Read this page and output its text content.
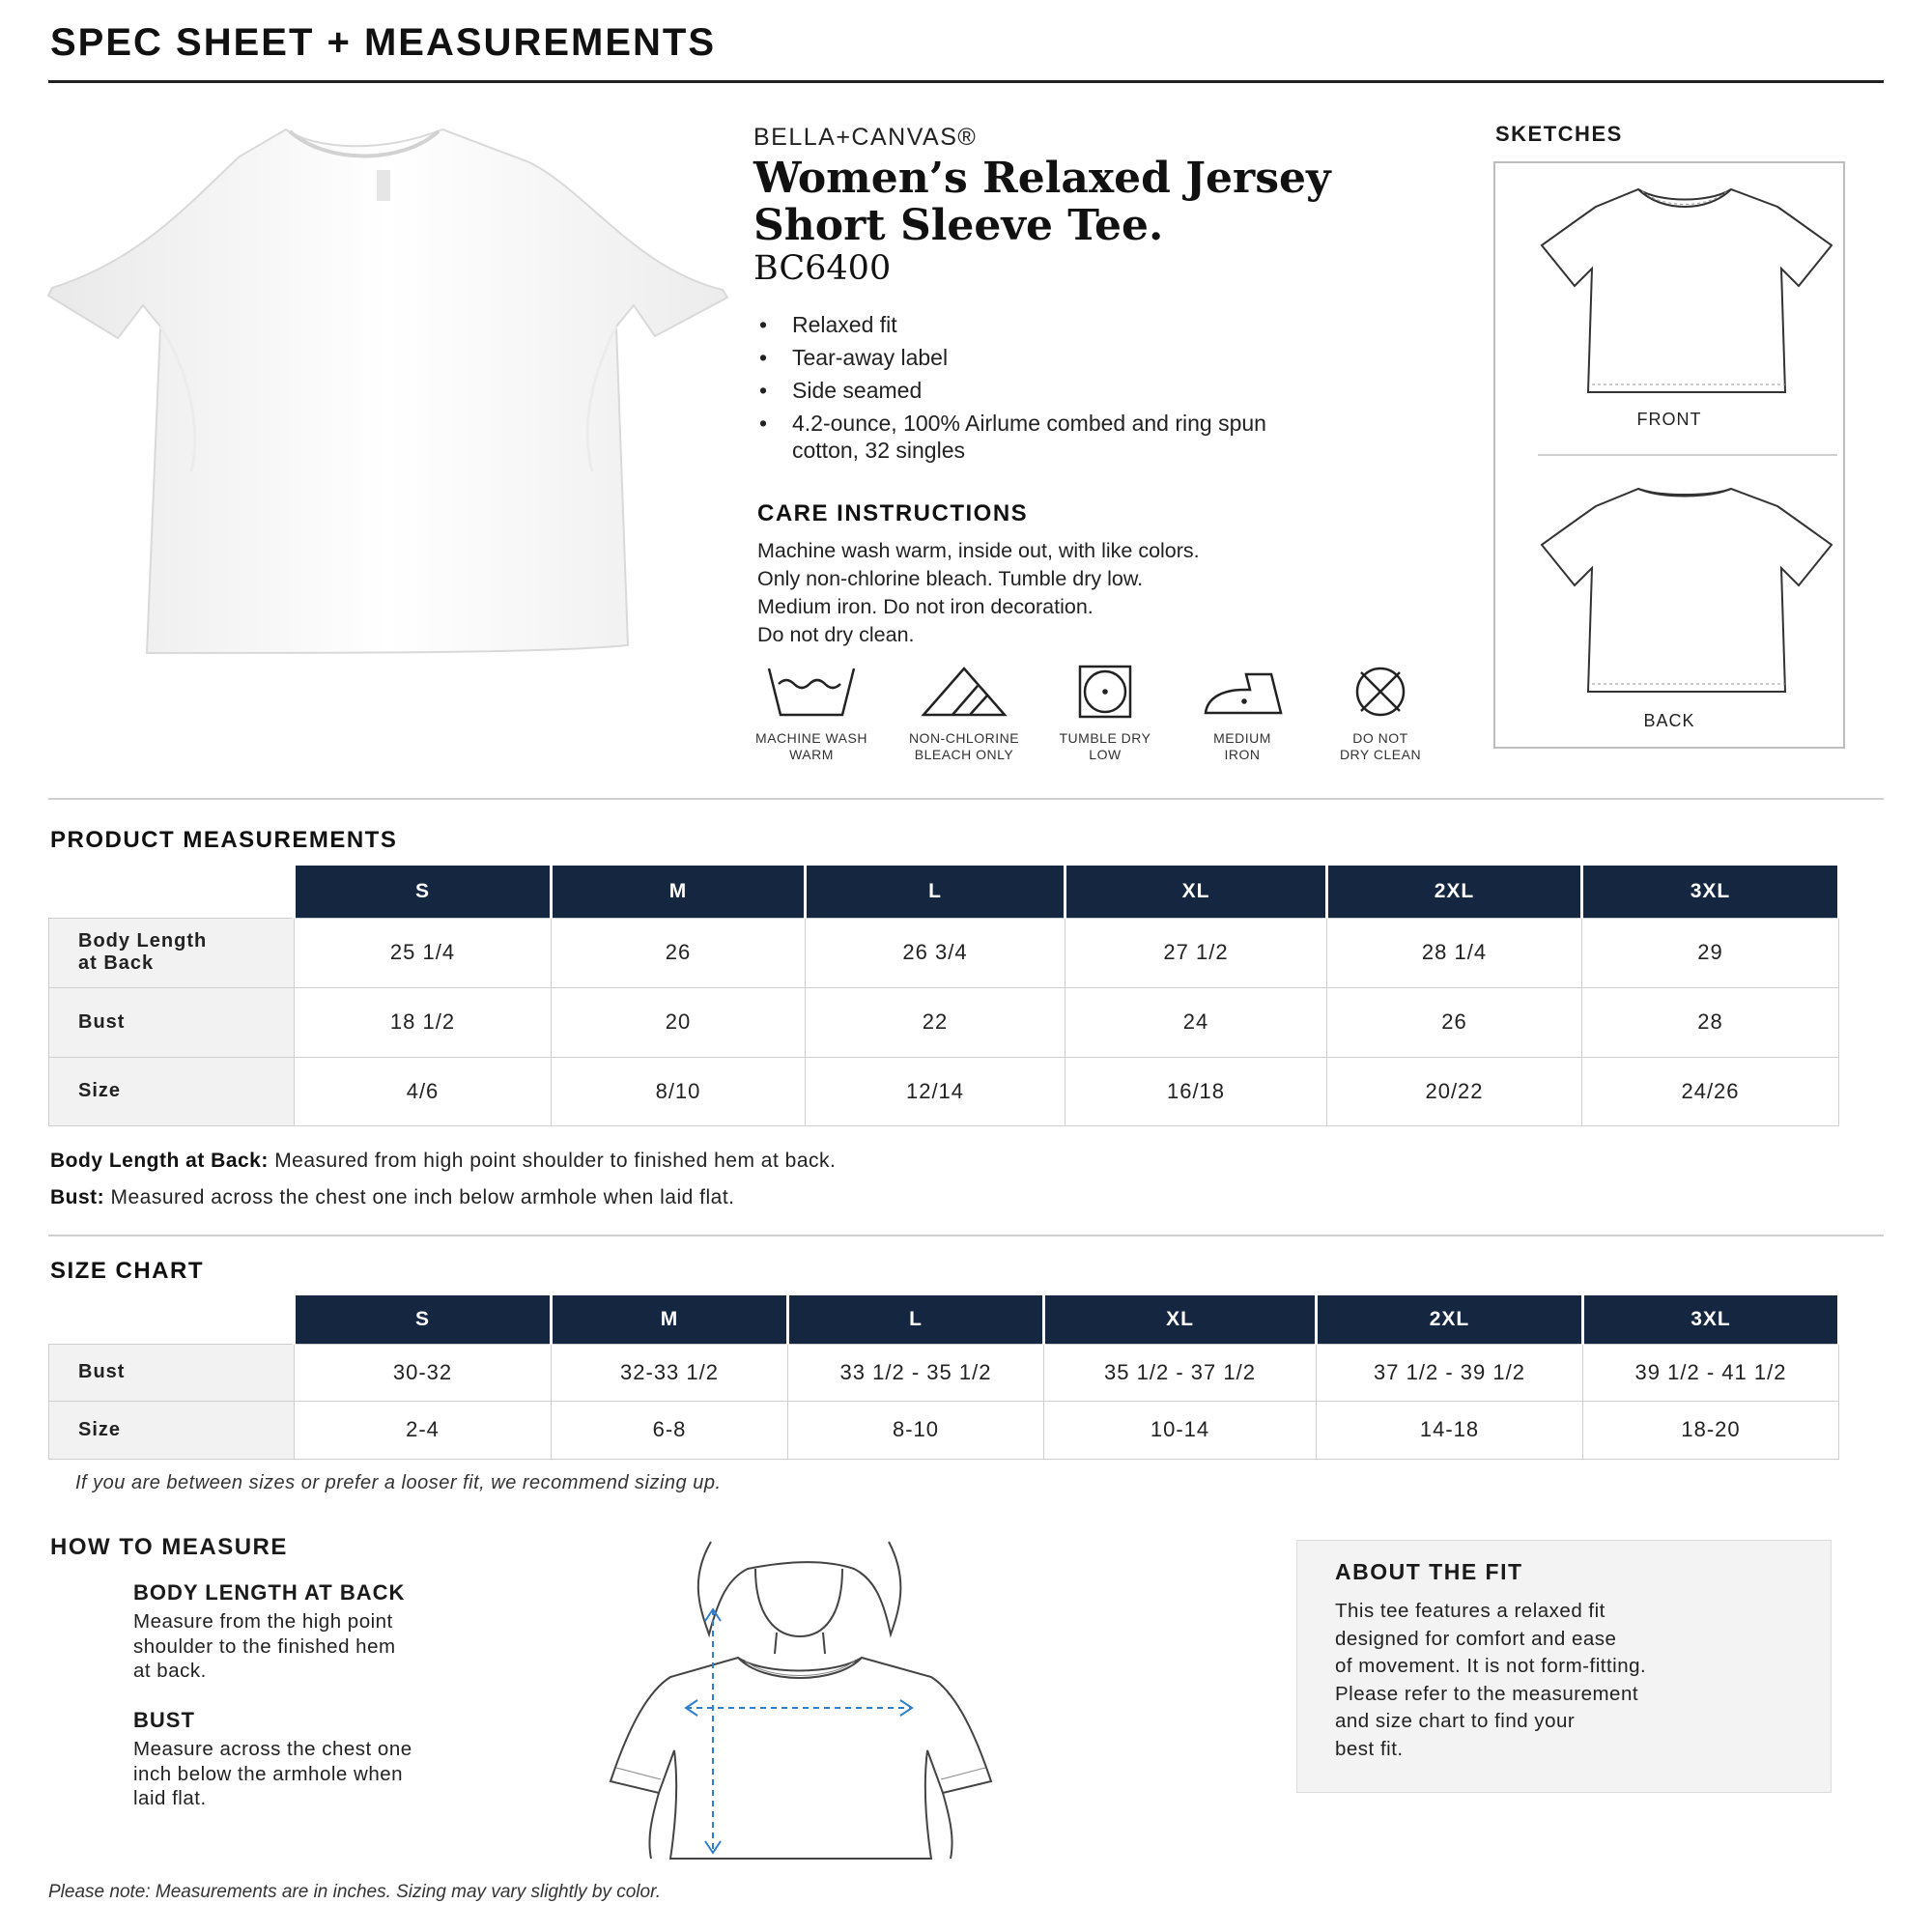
SPEC SHEET + MEASUREMENTS
BELLA+CANVAS®
Women’s Relaxed Jersey
Short Sleeve Tee.
BC6400
• Relaxed fit
• Tear-away label
• Side seamed
• 4.2-ounce, 100% Airlume combed and ring spun cotton, 32 singles
CARE INSTRUCTIONS
Machine wash warm, inside out, with like colors.
Only non-chlorine bleach. Tumble dry low.
Medium iron. Do not iron decoration.
Do not dry clean.
MACHINE WASH
WARM
NON-CHLORINE
BLEACH ONLY
TUMBLE DRY
LOW
MEDIUM
IRON
DO NOT
DRY CLEAN
SKETCHES
FRONT
BACK
PRODUCT MEASUREMENTS
	S	M	L	XL	2XL	3XL
Body Length
at Back	25 1/4	26	26 3/4	27 1/2	28 1/4	29
Bust	18 1/2	20	22	24	26	28
Size	4/6	8/10	12/14	16/18	20/22	24/26
Body Length at Back: Measured from high point shoulder to finished hem at back.
Bust: Measured across the chest one inch below armhole when laid flat.
SIZE CHART
	S	M	L	XL	2XL	3XL
Bust	30-32	32-33 1/2	33 1/2 - 35 1/2	35 1/2 - 37 1/2	37 1/2 - 39 1/2	39 1/2 - 41 1/2
Size	2-4	6-8	8-10	10-14	14-18	18-20
If you are between sizes or prefer a looser fit, we recommend sizing up.
HOW TO MEASURE
BODY LENGTH AT BACK
Measure from the high point
shoulder to the finished hem
at back.
BUST
Measure across the chest one
inch below the armhole when
laid flat.
ABOUT THE FIT
This tee features a relaxed fit
designed for comfort and ease
of movement. It is not form-fitting.
Please refer to the measurement
and size chart to find your
best fit.
Please note: Measurements are in inches. Sizing may vary slightly by color.
